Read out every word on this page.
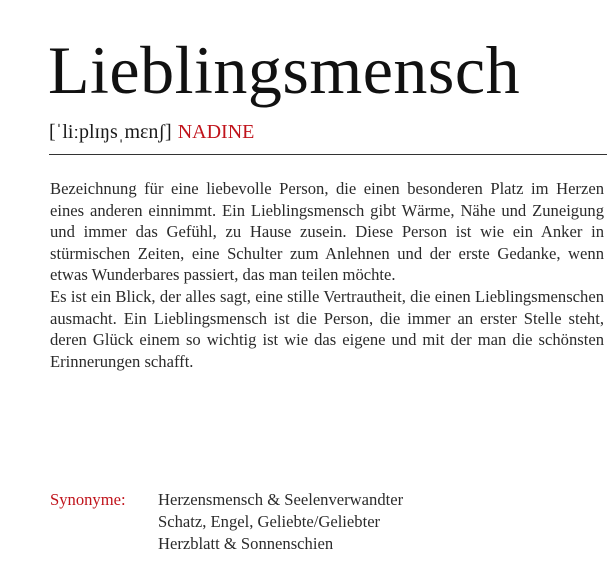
Lieblingsmensch
[ˈliːplɪŋsˌmɛnʃ] NADINE

Bezeichnung für eine liebevolle Person, die einen besonderen Platz im Herzen eines anderen einnimmt. Ein Lieblingsmensch gibt Wärme, Nähe und Zuneigung und immer das Gefühl, zu Hause zusein. Diese Person ist wie ein Anker in stürmischen Zeiten, eine Schulter zum Anlehnen und der erste Gedanke, wenn etwas Wunderbares passiert, das man teilen möchte.

Es ist ein Blick, der alles sagt, eine stille Vertrautheit, die einen Lieblingsmenschen ausmacht. Ein Lieblingsmensch ist die Person, die immer an erster Stelle steht, deren Glück einem so wichtig ist wie das eigene und mit der man die schönsten Erinnerungen schafft.

Synonyme: Herzensmensch & Seelenverwandter
Schatz, Engel, Geliebte/Geliebter
Herzblatt & Sonnenschien
